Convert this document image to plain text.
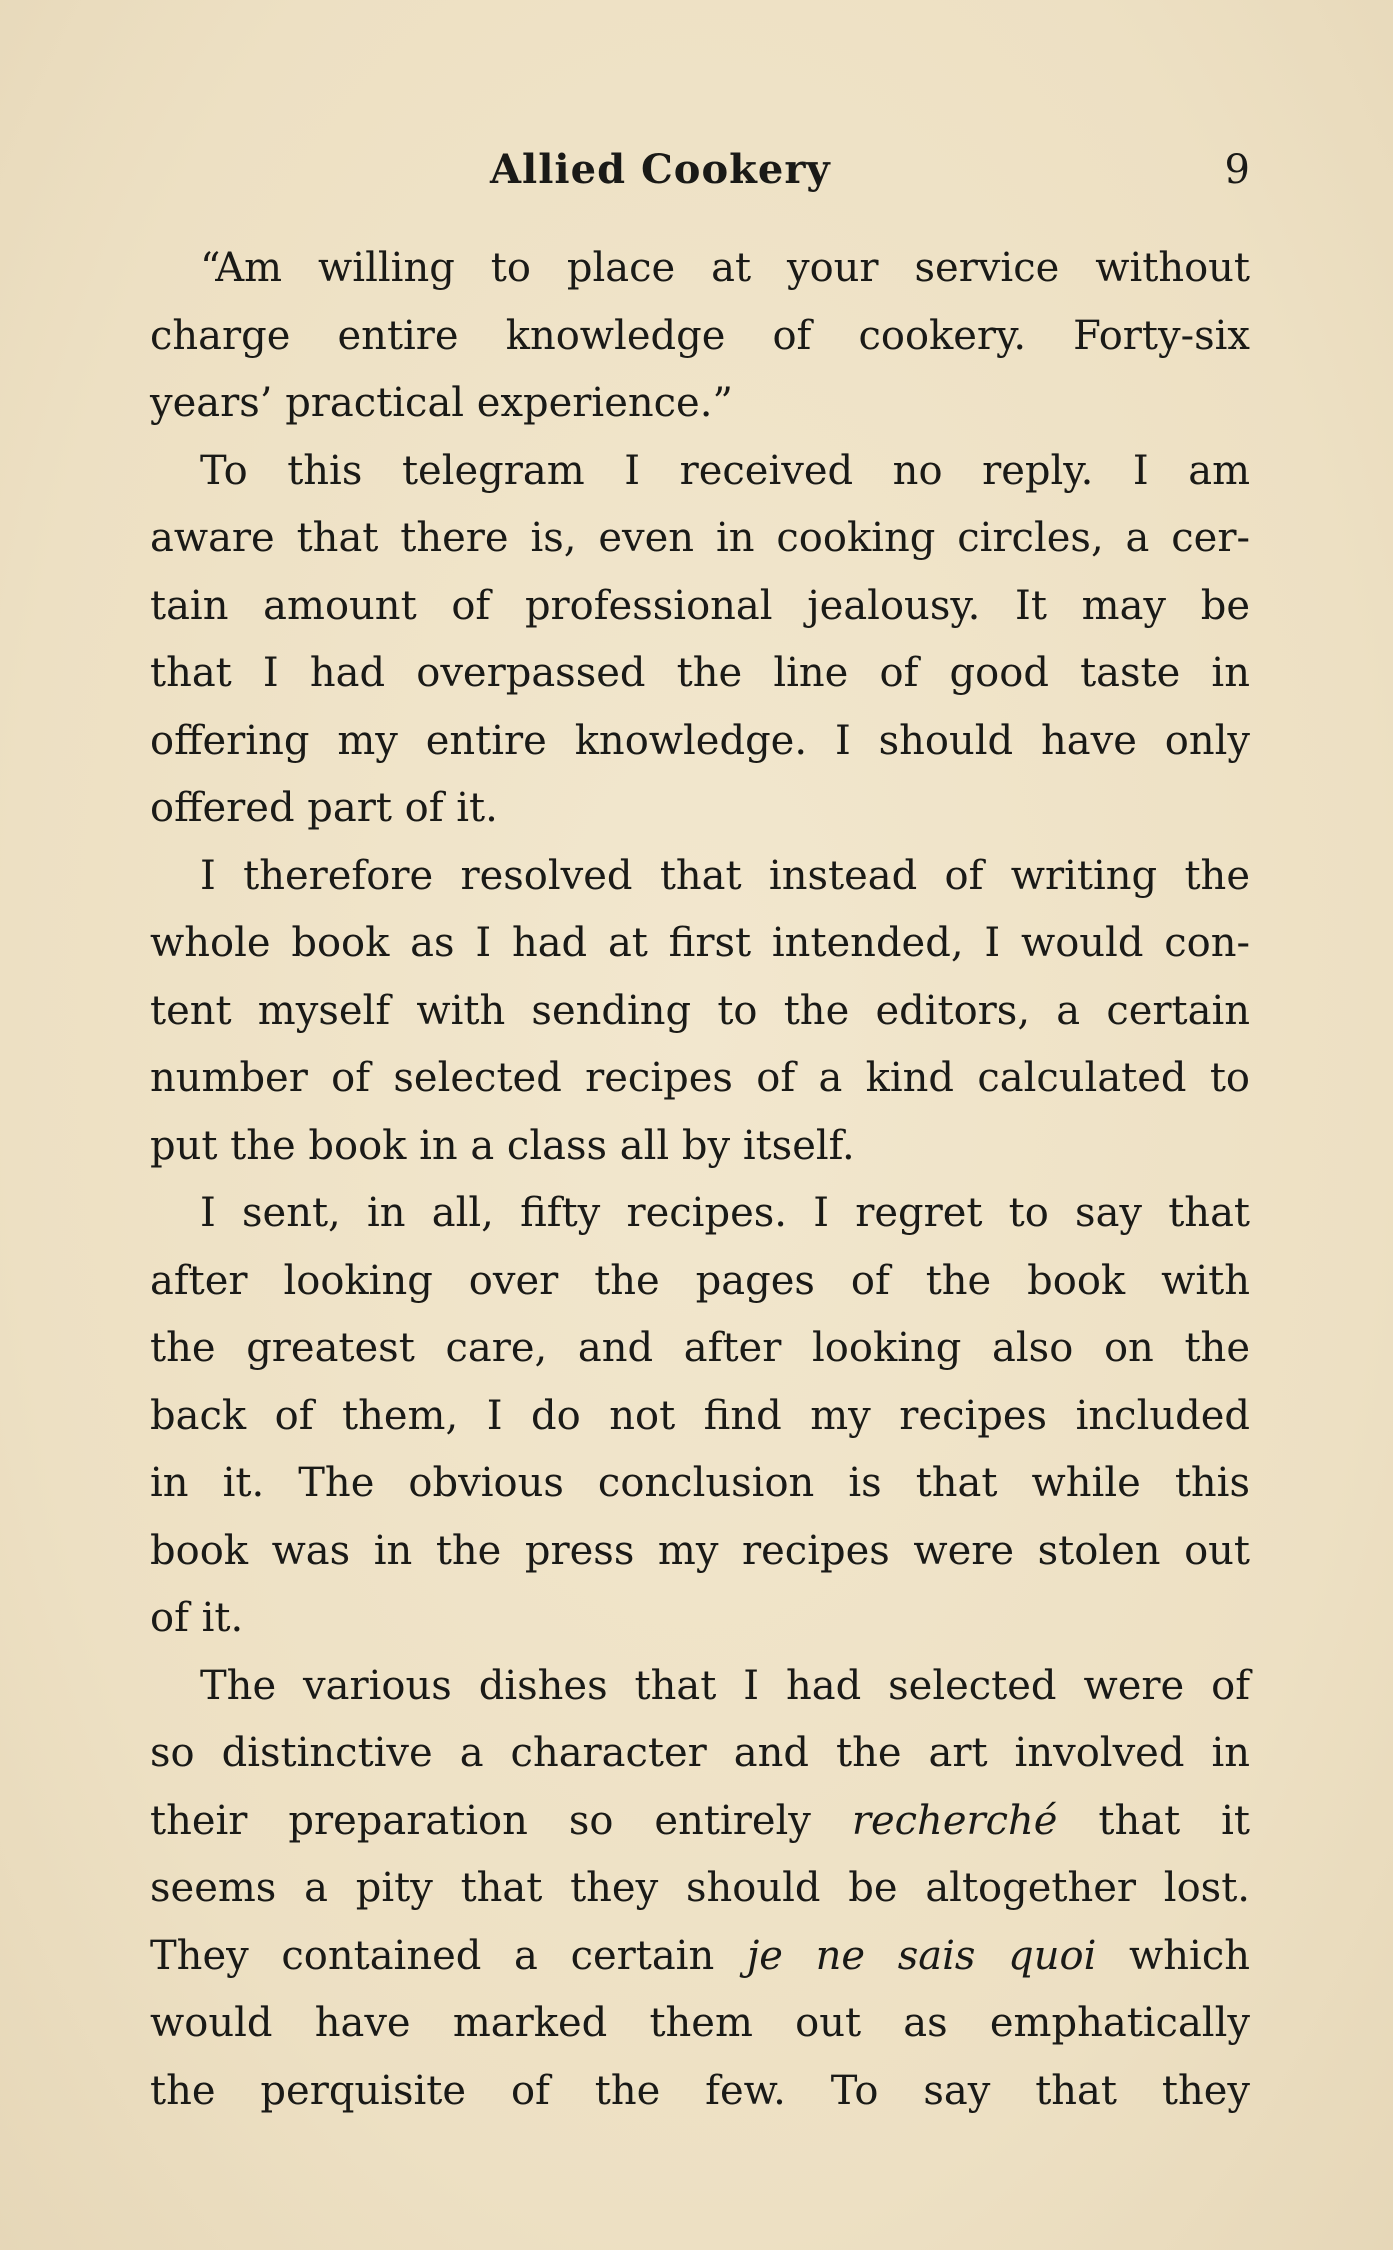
Allied Cookery	9
“Am willing to place at your service without
charge entire knowledge of cookery. Forty-six
years’ practical experience.”
To this telegram I received no reply. I am
aware that there is, even in cooking circles, a cer-
tain amount of professional jealousy. It may be
that I had overpassed the line of good taste in
offering my entire knowledge. I should have only
offered part of it.
I therefore resolved that instead of writing the
whole book as I had at first intended, I would con-
tent myself with sending to the editors, a certain
number of selected recipes of a kind calculated to
put the book in a class all by itself.
I sent, in all, fifty recipes. I regret to say that
after looking over the pages of the book with
the greatest care, and after looking also on the
back of them, I do not find my recipes included
in it. The obvious conclusion is that while this
book was in the press my recipes were stolen out
of it.
The various dishes that I had selected were of
so distinctive a character and the art involved in
their preparation so entirely recherché that it
seems a pity that they should be altogether lost.
They contained a certain je ne sais quoi which
would have marked them out as emphatically
the perquisite of the few. To say that they
